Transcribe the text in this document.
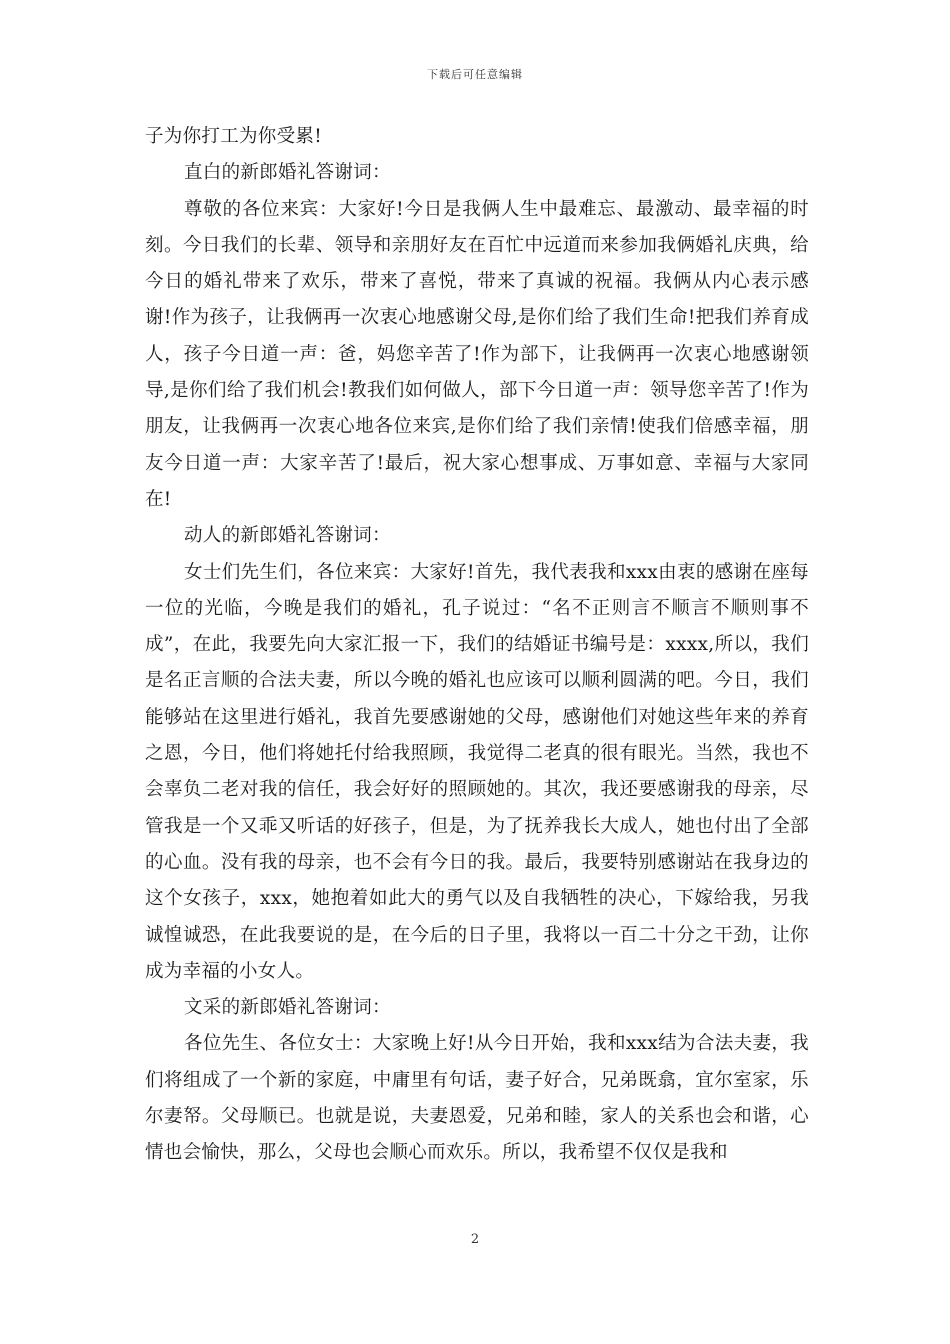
下载后可任意编辑

子为你打工为你受累!

直白的新郎婚礼答谢词：

尊敬的各位来宾：大家好!今日是我俩人生中最难忘、最激动、最幸福的时刻。今日我们的长辈、领导和亲朋好友在百忙中远道而来参加我俩婚礼庆典，给今日的婚礼带来了欢乐，带来了喜悦，带来了真诚的祝福。我俩从内心表示感谢!作为孩子，让我俩再一次衷心地感谢父母,是你们给了我们生命!把我们养育成人，孩子今日道一声：爸，妈您辛苦了!作为部下，让我俩再一次衷心地感谢领导,是你们给了我们机会!教我们如何做人，部下今日道一声：领导您辛苦了!作为朋友，让我俩再一次衷心地各位来宾,是你们给了我们亲情!使我们倍感幸福，朋友今日道一声：大家辛苦了!最后，祝大家心想事成、万事如意、幸福与大家同在!

动人的新郎婚礼答谢词：

女士们先生们，各位来宾：大家好!首先，我代表我和xxx由衷的感谢在座每一位的光临，今晚是我们的婚礼，孔子说过：“名不正则言不顺言不顺则事不成”，在此，我要先向大家汇报一下，我们的结婚证书编号是：xxxx,所以，我们是名正言顺的合法夫妻，所以今晚的婚礼也应该可以顺利圆满的吧。今日，我们能够站在这里进行婚礼，我首先要感谢她的父母，感谢他们对她这些年来的养育之恩，今日，他们将她托付给我照顾，我觉得二老真的很有眼光。当然，我也不会辜负二老对我的信任，我会好好的照顾她的。其次，我还要感谢我的母亲，尽管我是一个又乖又听话的好孩子，但是，为了抚养我长大成人，她也付出了全部的心血。没有我的母亲，也不会有今日的我。最后，我要特别感谢站在我身边的这个女孩子，xxx，她抱着如此大的勇气以及自我牺牲的决心，下嫁给我，另我诚惶诚恐，在此我要说的是，在今后的日子里，我将以一百二十分之干劲，让你成为幸福的小女人。

文采的新郎婚礼答谢词：

各位先生、各位女士：大家晚上好!从今日开始，我和xxx结为合法夫妻，我们将组成了一个新的家庭，中庸里有句话，妻子好合，兄弟既翕，宜尔室家，乐尔妻帑。父母顺已。也就是说，夫妻恩爱，兄弟和睦，家人的关系也会和谐，心情也会愉快，那么，父母也会顺心而欢乐。所以，我希望不仅仅是我和

2
